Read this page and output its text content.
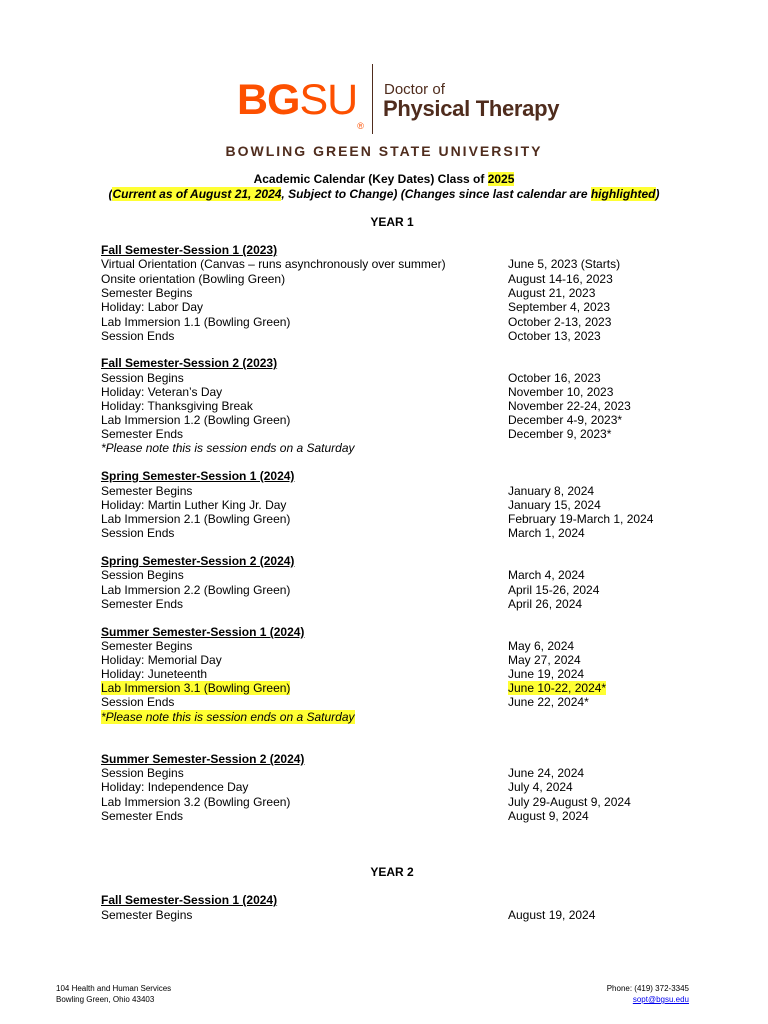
BGSU®
Doctor of
Physical Therapy
BOWLING GREEN STATE UNIVERSITY
Academic Calendar (Key Dates) Class of 2025
(Current as of August 21, 2024, Subject to Change) (Changes since last calendar are highlighted)
YEAR 1
Fall Semester-Session 1 (2023)
Virtual Orientation (Canvas – runs asynchronously over summer)	June 5, 2023 (Starts)
Onsite orientation (Bowling Green)	August 14-16, 2023
Semester Begins	August 21, 2023
Holiday: Labor Day	September 4, 2023
Lab Immersion 1.1 (Bowling Green)	October 2-13, 2023
Session Ends	October 13, 2023
Fall Semester-Session 2 (2023)
Session Begins	October 16, 2023
Holiday: Veteran’s Day	November 10, 2023
Holiday: Thanksgiving Break	November 22-24, 2023
Lab Immersion 1.2 (Bowling Green)	December 4-9, 2023*
Semester Ends	December 9, 2023*
*Please note this is session ends on a Saturday
Spring Semester-Session 1 (2024)
Semester Begins	January 8, 2024
Holiday: Martin Luther King Jr. Day	January 15, 2024
Lab Immersion 2.1 (Bowling Green)	February 19-March 1, 2024
Session Ends	March 1, 2024
Spring Semester-Session 2 (2024)
Session Begins	March 4, 2024
Lab Immersion 2.2 (Bowling Green)	April 15-26, 2024
Semester Ends	April 26, 2024
Summer Semester-Session 1 (2024)
Semester Begins	May 6, 2024
Holiday: Memorial Day	May 27, 2024
Holiday: Juneteenth	June 19, 2024
Lab Immersion 3.1 (Bowling Green)	June 10-22, 2024*
Session Ends	June 22, 2024*
*Please note this is session ends on a Saturday
Summer Semester-Session 2 (2024)
Session Begins	June 24, 2024
Holiday: Independence Day	July 4, 2024
Lab Immersion 3.2 (Bowling Green)	July 29-August 9, 2024
Semester Ends	August 9, 2024
YEAR 2
Fall Semester-Session 1 (2024)
Semester Begins	August 19, 2024
104 Health and Human Services
Bowling Green, Ohio 43403
Phone: (419) 372-3345
sopt@bgsu.edu
